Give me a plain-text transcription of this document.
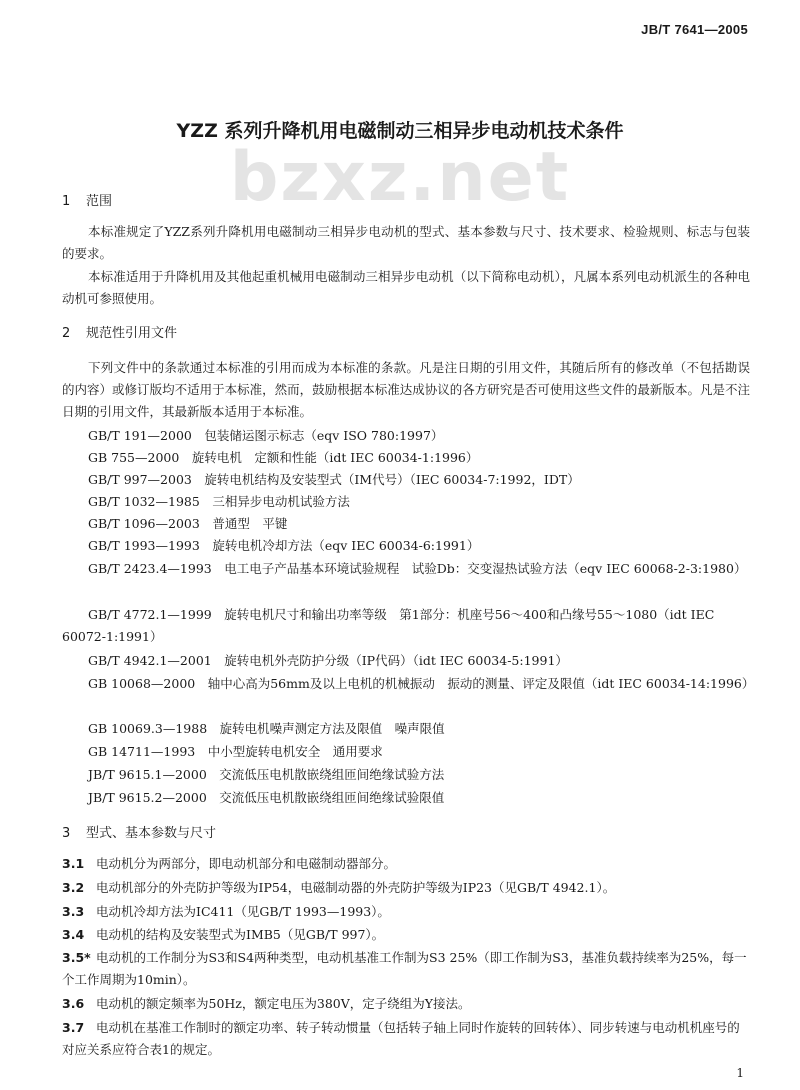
JB/T 7641—2005
YZZ 系列升降机用电磁制动三相异步电动机技术条件
bzxz.net
1 范围
本标准规定了YZZ系列升降机用电磁制动三相异步电动机的型式、基本参数与尺寸、技术要求、检验规则、标志与包装的要求。
本标准适用于升降机用及其他起重机械用电磁制动三相异步电动机（以下简称电动机），凡属本系列电动机派生的各种电动机可参照使用。
2 规范性引用文件
下列文件中的条款通过本标准的引用而成为本标准的条款。凡是注日期的引用文件，其随后所有的修改单（不包括勘误的内容）或修订版均不适用于本标准，然而，鼓励根据本标准达成协议的各方研究是否可使用这些文件的最新版本。凡是不注日期的引用文件，其最新版本适用于本标准。
GB/T 191—2000　包装储运图示标志（eqv ISO 780:1997）
GB 755—2000　旋转电机　定额和性能（idt IEC 60034-1:1996）
GB/T 997—2003　旋转电机结构及安装型式（IM代号）（IEC 60034-7:1992，IDT）
GB/T 1032—1985　三相异步电动机试验方法
GB/T 1096—2003　普通型　平键
GB/T 1993—1993　旋转电机冷却方法（eqv IEC 60034-6:1991）
GB/T 2423.4—1993　电工电子产品基本环境试验规程　试验Db：交变湿热试验方法（eqv IEC 60068-2-3:1980）
GB/T 4772.1—1999　旋转电机尺寸和输出功率等级　第1部分：机座号56～400和凸缘号55～1080（idt IEC 60072-1:1991）
GB/T 4942.1—2001　旋转电机外壳防护分级（IP代码）（idt IEC 60034-5:1991）
GB 10068—2000　轴中心高为56mm及以上电机的机械振动　振动的测量、评定及限值（idt IEC 60034-14:1996）
GB 10069.3—1988　旋转电机噪声测定方法及限值　噪声限值
GB 14711—1993　中小型旋转电机安全　通用要求
JB/T 9615.1—2000　交流低压电机散嵌绕组匝间绝缘试验方法
JB/T 9615.2—2000　交流低压电机散嵌绕组匝间绝缘试验限值
3 型式、基本参数与尺寸
3.1 电动机分为两部分，即电动机部分和电磁制动器部分。
3.2 电动机部分的外壳防护等级为IP54，电磁制动器的外壳防护等级为IP23（见GB/T 4942.1）。
3.3 电动机冷却方法为IC411（见GB/T 1993—1993）。
3.4 电动机的结构及安装型式为IMB5（见GB/T 997）。
3.5* 电动机的工作制分为S3和S4两种类型，电动机基准工作制为S3 25%（即工作制为S3，基准负载持续率为25%，每一个工作周期为10min）。
3.6 电动机的额定频率为50Hz，额定电压为380V，定子绕组为Y接法。
3.7 电动机在基准工作制时的额定功率、转子转动惯量（包括转子轴上同时作旋转的回转体）、同步转速与电动机机座号的对应关系应符合表1的规定。
1
